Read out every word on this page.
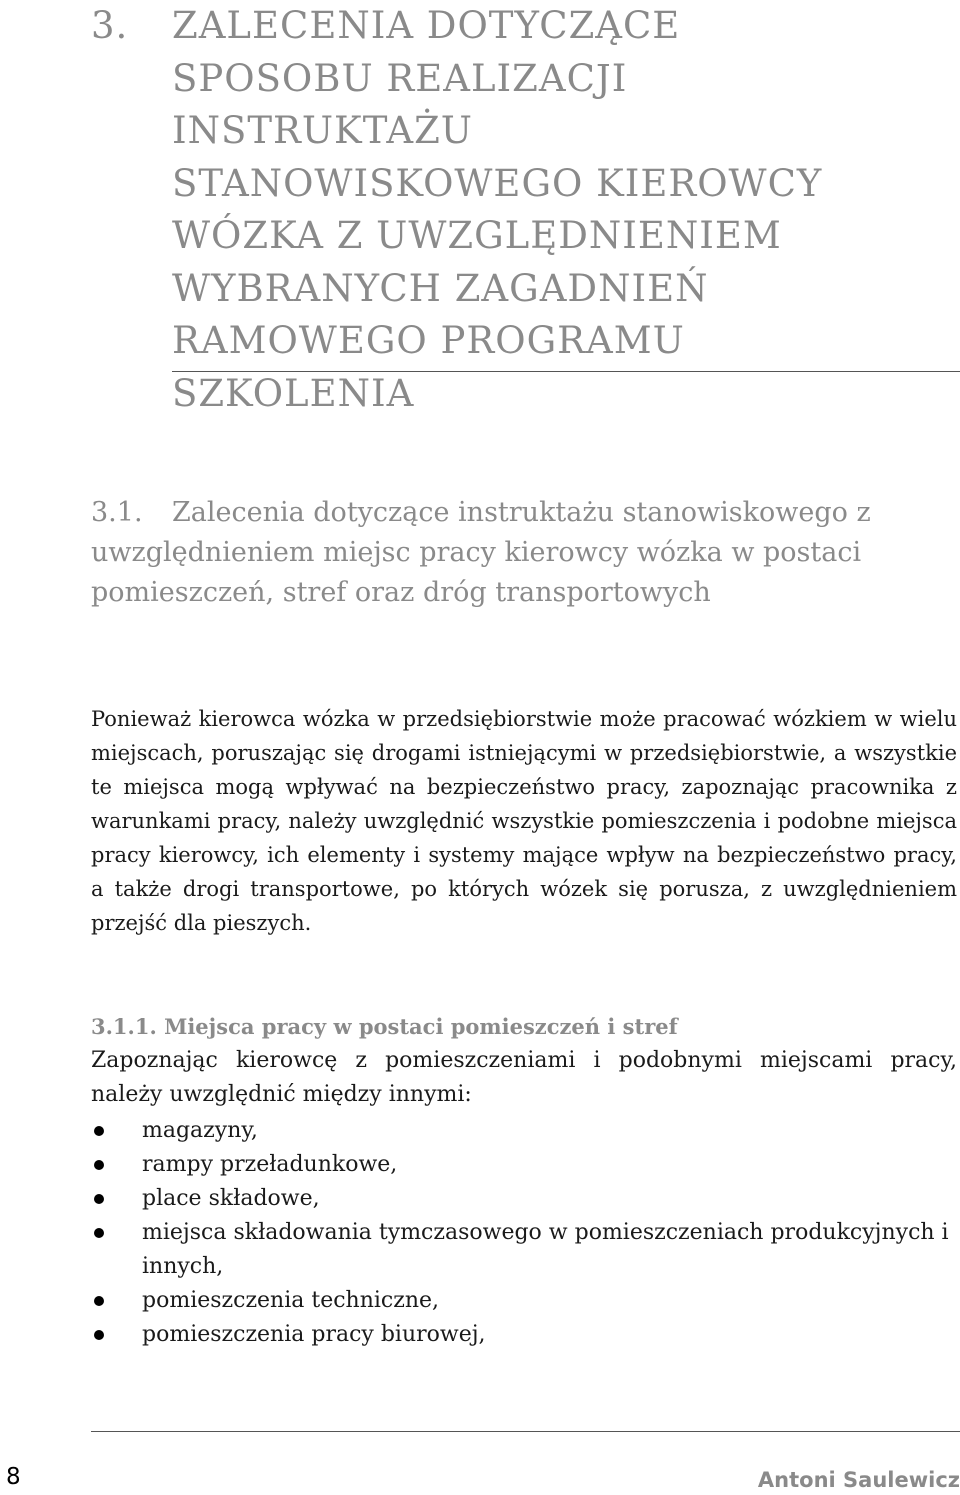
3.	ZALECENIA DOTYCZĄCE SPOSOBU REALIZACJI INSTRUKTAŻU STANOWISKOWEGO KIEROWCY WÓZKA Z UWZGLĘDNIENIEM WYBRANYCH ZAGADNIEŃ RAMOWEGO PROGRAMU SZKOLENIA
3.1. Zalecenia dotyczące instruktażu stanowiskowego z uwzględnieniem miejsc pracy kierowcy wózka w postaci pomieszczeń, stref oraz dróg transportowych

Ponieważ kierowca wózka w przedsiębiorstwie może pracować wózkiem w wielu miejscach, poruszając się drogami istniejącymi w przedsiębiorstwie, a wszystkie te miejsca mogą wpływać na bezpieczeństwo pracy, zapoznając pracownika z warunkami pracy, należy uwzględnić wszystkie pomieszczenia i podobne miejsca pracy kierowcy, ich elementy i systemy mające wpływ na bezpieczeństwo pracy, a także drogi transportowe, po których wózek się porusza, z uwzględnieniem przejść dla pieszych.

3.1.1. Miejsca pracy w postaci pomieszczeń i stref

Zapoznając kierowcę z pomieszczeniami i podobnymi miejscami pracy, należy uwzględnić między innymi:

magazyny,
rampy przeładunkowe,
place składowe,
miejsca składowania tymczasowego w pomieszczeniach produkcyjnych i innych,
pomieszczenia techniczne,
pomieszczenia pracy biurowej,
8	Antoni Saulewicz
